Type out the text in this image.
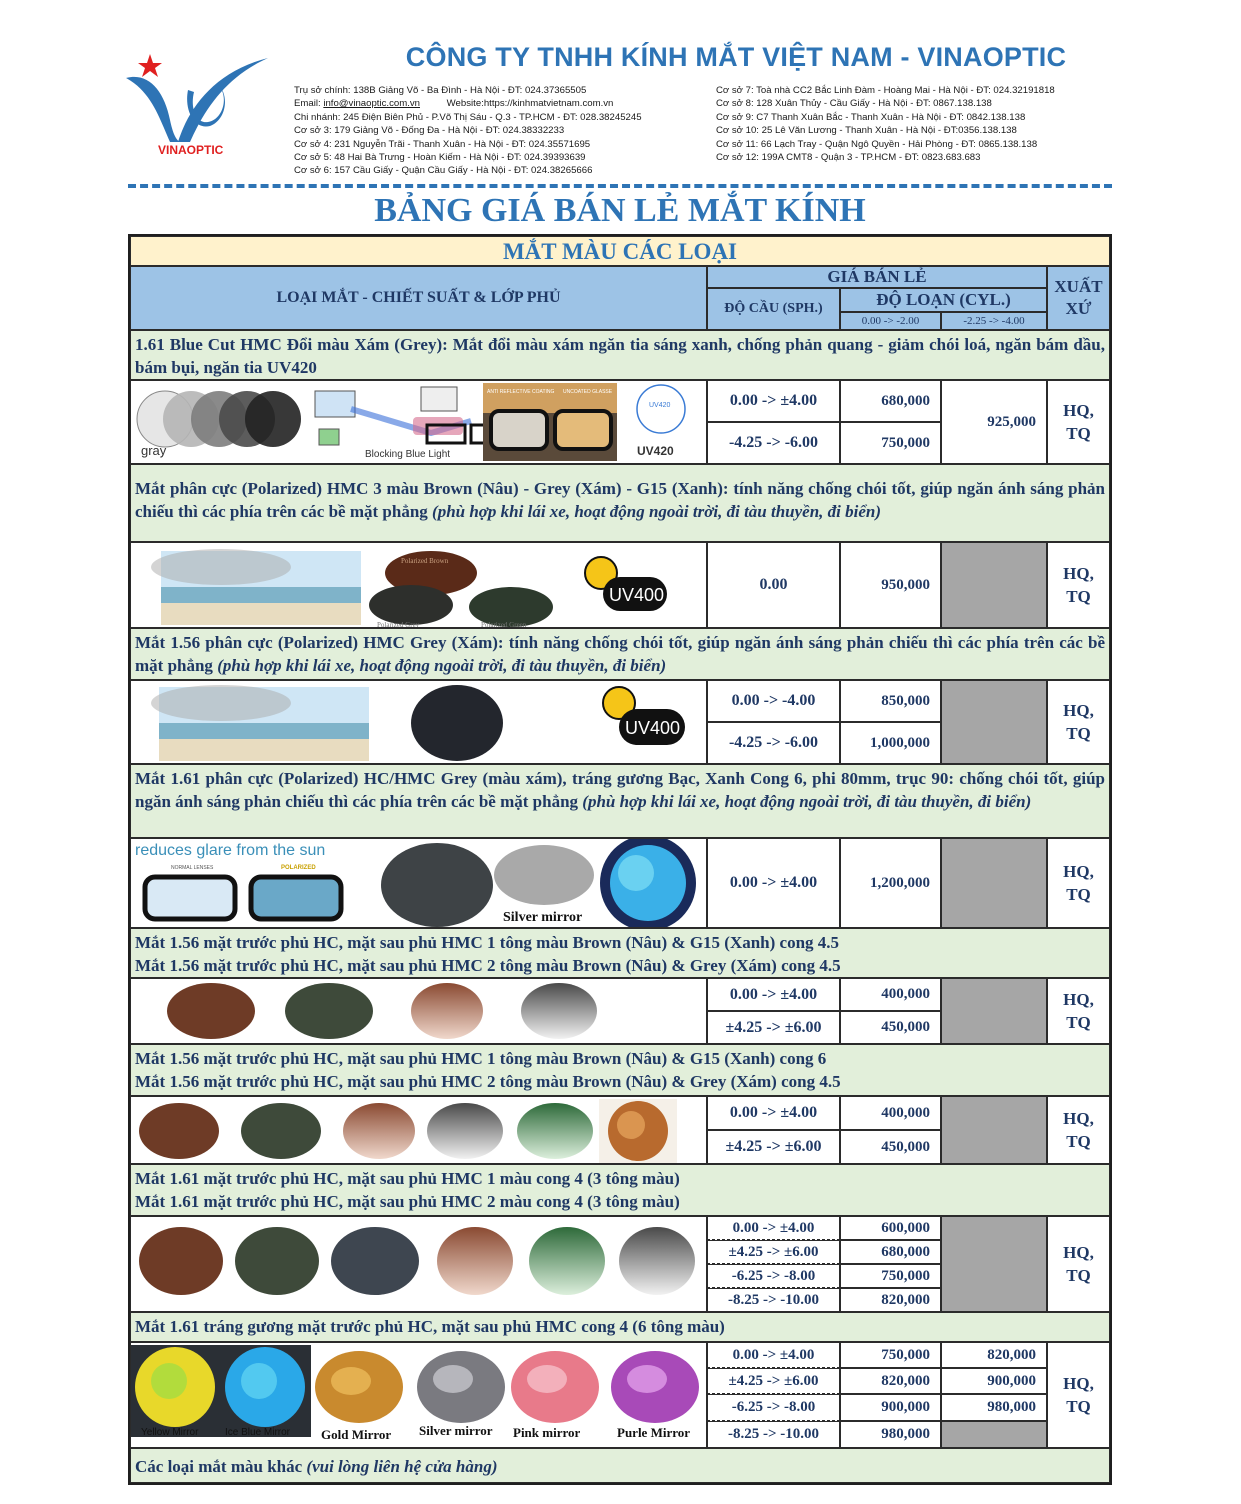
VINAOPTIC
CÔNG TY TNHH KÍNH MẮT VIỆT NAM - VINAOPTIC
Trụ sở chính: 138B Giảng Võ - Ba Đình - Hà Nội - ĐT: 024.37365505
Email: info@vinaoptic.com.vn	Website:https://kinhmatvietnam.com.vn
Chi nhánh: 245 Điện Biên Phủ - P.Võ Thị Sáu - Q.3 - TP.HCM - ĐT: 028.38245245
Cơ sở 3: 179 Giảng Võ - Đống Đa - Hà Nội - ĐT: 024.38332233
Cơ sở 4: 231 Nguyễn Trãi - Thanh Xuân - Hà Nội - ĐT: 024.35571695
Cơ sở 5: 48 Hai Bà Trưng - Hoàn Kiếm - Hà Nội - ĐT: 024.39393639
Cơ sở 6: 157 Cầu Giấy - Quận Cầu Giấy - Hà Nội - ĐT: 024.38265666
Cơ sở 7: Toà nhà CC2 Bắc Linh Đàm - Hoàng Mai - Hà Nội - ĐT: 024.32191818
Cơ sở 8: 128 Xuân Thủy - Cầu Giấy - Hà Nội - ĐT: 0867.138.138
Cơ sở 9: C7 Thanh Xuân Bắc - Thanh Xuân - Hà Nội - ĐT: 0842.138.138
Cơ sở 10: 25 Lê Văn Lương - Thanh Xuân - Hà Nội - ĐT:0356.138.138
Cơ sở 11: 66 Lạch Tray - Quận Ngô Quyền - Hải Phòng - ĐT: 0865.138.138
Cơ sở 12: 199A CMT8 - Quận 3 - TP.HCM - ĐT: 0823.683.683
BẢNG GIÁ BÁN LẺ MẮT KÍNH
MẮT MÀU CÁC LOẠI
LOẠI MẮT - CHIẾT SUẤT & LỚP PHỦ
GIÁ BÁN LẺ
ĐỘ CẦU (SPH.)	ĐỘ LOẠN (CYL.)
0.00 -> -2.00	-2.25 -> -4.00
XUẤT
XỨ
1.61 Blue Cut HMC Đổi màu Xám (Grey): Mắt đổi màu xám ngăn tia sáng xanh, chống phản quang - giảm chói loá, ngăn bám dầu, bám bụi, ngăn tia UV420
gray	Blocking Blue Light
ANTI REFLECTIVE COATING UNCOATED GLASSE
UV420
UV420
0.00 -> ±4.00	680,000
-4.25 -> -6.00	750,000
925,000
HQ,
TQ
Mắt phân cực (Polarized) HMC 3 màu Brown (Nâu) - Grey (Xám) - G15 (Xanh): tính năng chống chói tốt, giúp ngăn ánh sáng phản chiếu thì các phía trên các bề mặt phẳng (phù hợp khi lái xe, hoạt động ngoài trời, đi tàu thuyền, đi biển)
Polarized Brown
Polarized Grey	Polarized Green
UV400
0.00	950,000
HQ,
TQ
Mắt 1.56 phân cực (Polarized) HMC Grey (Xám): tính năng chống chói tốt, giúp ngăn ánh sáng phản chiếu thì các phía trên các bề mặt phẳng (phù hợp khi lái xe, hoạt động ngoài trời, đi tàu thuyền, đi biển)
UV400
0.00 -> -4.00	850,000
-4.25 -> -6.00	1,000,000
HQ,
TQ
Mắt 1.61 phân cực (Polarized) HC/HMC Grey (màu xám), tráng gương Bạc, Xanh Cong 6, phi 80mm, trục 90: chống chói tốt, giúp ngăn ánh sáng phản chiếu thì các phía trên các bề mặt phẳng (phù hợp khi lái xe, hoạt động ngoài trời, đi tàu thuyền, đi biển)
reduces glare from the sun
NORMAL LENSES	POLARIZED
Silver mirror
0.00 -> ±4.00	1,200,000
HQ,
TQ
Mắt 1.56 mặt trước phủ HC, mặt sau phủ HMC 1 tông màu Brown (Nâu) & G15 (Xanh) cong 4.5
Mắt 1.56 mặt trước phủ HC, mặt sau phủ HMC 2 tông màu Brown (Nâu) & Grey (Xám) cong 4.5
0.00 -> ±4.00	400,000
±4.25 -> ±6.00	450,000
HQ,
TQ
Mắt 1.56 mặt trước phủ HC, mặt sau phủ HMC 1 tông màu Brown (Nâu) & G15 (Xanh) cong 6
Mắt 1.56 mặt trước phủ HC, mặt sau phủ HMC 2 tông màu Brown (Nâu) & Grey (Xám) cong 4.5
0.00 -> ±4.00	400,000
±4.25 -> ±6.00	450,000
HQ,
TQ
Mắt 1.61 mặt trước phủ HC, mặt sau phủ HMC 1 màu cong 4 (3 tông màu)
Mắt 1.61 mặt trước phủ HC, mặt sau phủ HMC 2 màu cong 4 (3 tông màu)
0.00 -> ±4.00	600,000
±4.25 -> ±6.00	680,000
-6.25 -> -8.00	750,000
-8.25 -> -10.00	820,000
HQ,
TQ
Mắt 1.61 tráng gương mặt trước phủ HC, mặt sau phủ HMC cong 4 (6 tông màu)
Yellow Mirror	Ice Blue Mirror Gold Mirror Silver mirror Pink mirror	Purle Mirror
0.00 -> ±4.00	750,000	820,000
±4.25 -> ±6.00	820,000	900,000
-6.25 -> -8.00	900,000	980,000
-8.25 -> -10.00	980,000
HQ,
TQ
Các loại mắt màu khác (vui lòng liên hệ cửa hàng)
